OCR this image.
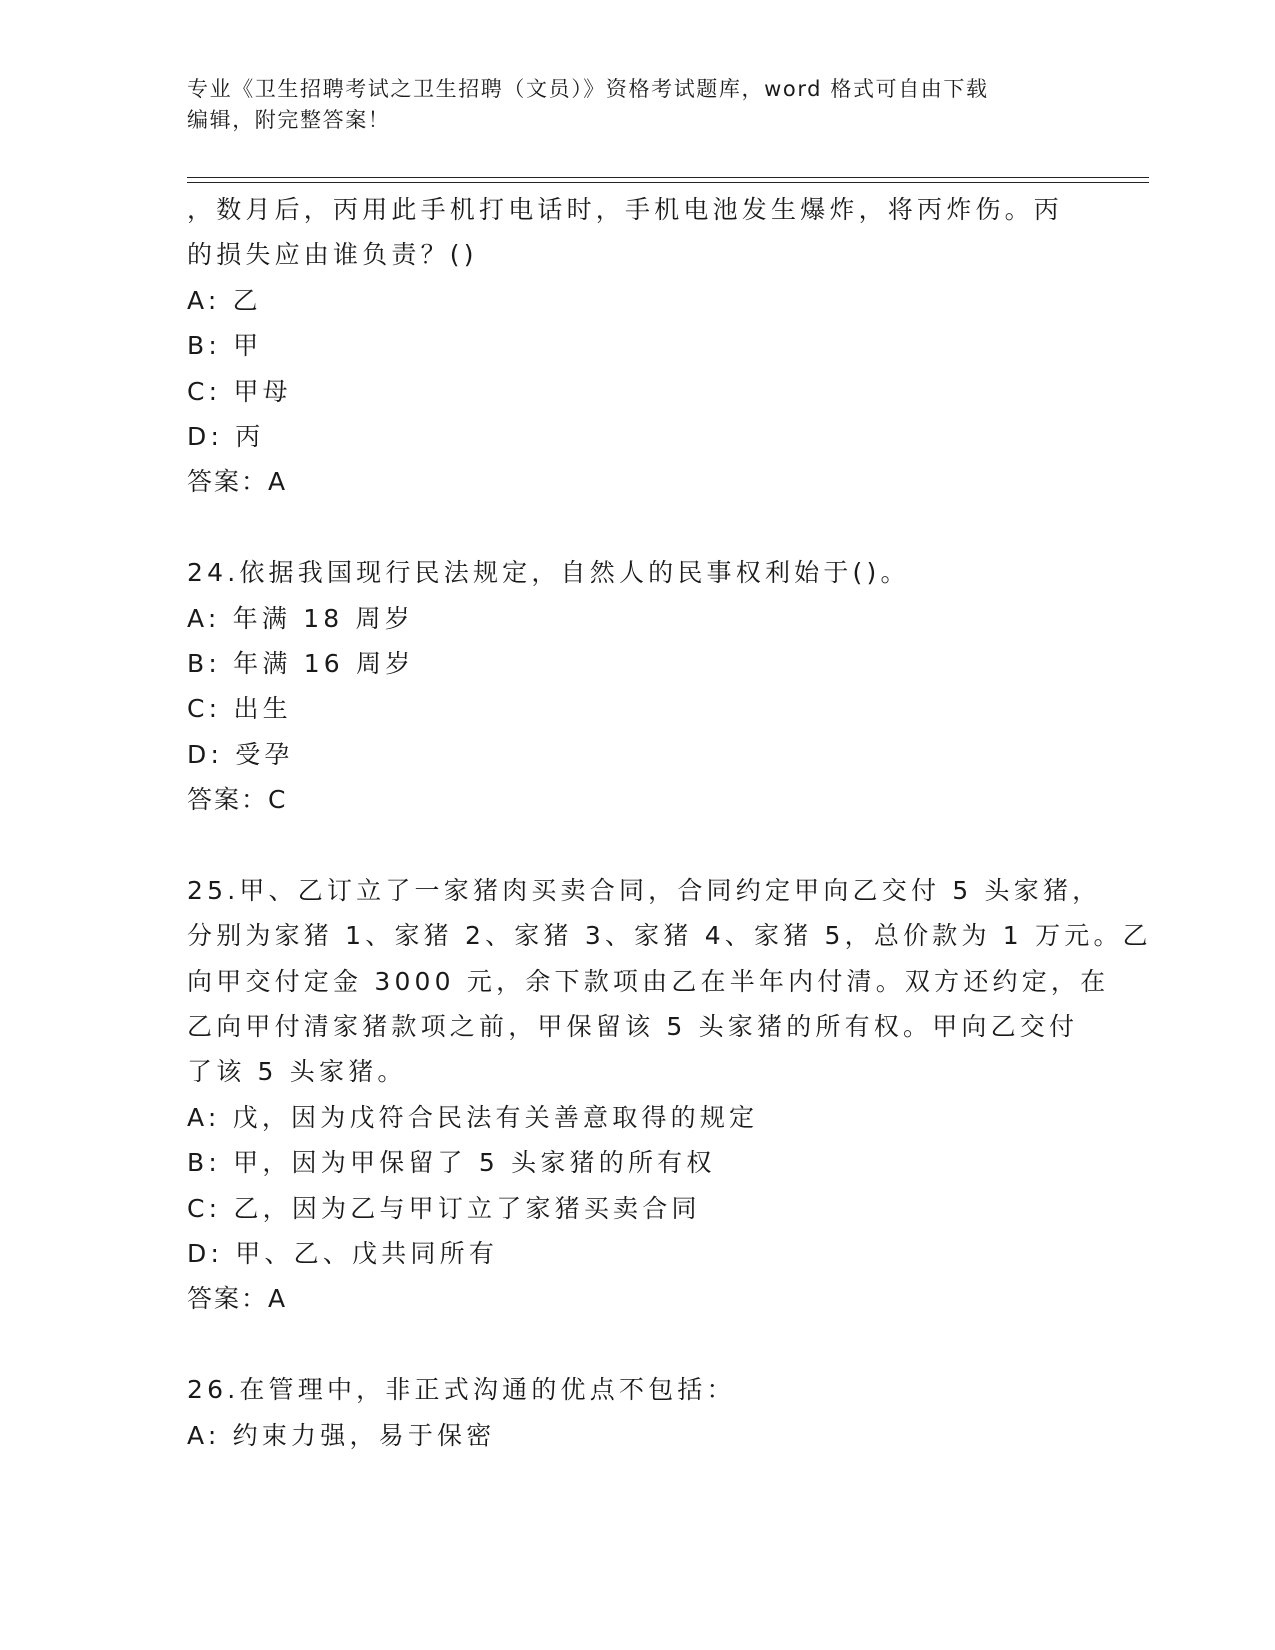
专业《卫生招聘考试之卫生招聘（文员）》资格考试题库，word 格式可自由下载
编辑，附完整答案！
，数月后，丙用此手机打电话时，手机电池发生爆炸，将丙炸伤。丙
的损失应由谁负责？()
A: 乙
B: 甲
C: 甲母
D: 丙
答案：A
24.依据我国现行民法规定，自然人的民事权利始于()。
A: 年满 18 周岁
B: 年满 16 周岁
C: 出生
D: 受孕
答案：C
25.甲、乙订立了一家猪肉买卖合同，合同约定甲向乙交付 5 头家猪，
分别为家猪 1、家猪 2、家猪 3、家猪 4、家猪 5，总价款为 1 万元。乙
向甲交付定金 3000 元，余下款项由乙在半年内付清。双方还约定，在
乙向甲付清家猪款项之前，甲保留该 5 头家猪的所有权。甲向乙交付
了该 5 头家猪。
A: 戊，因为戊符合民法有关善意取得的规定
B: 甲，因为甲保留了 5 头家猪的所有权
C: 乙，因为乙与甲订立了家猪买卖合同
D: 甲、乙、戊共同所有
答案：A
26.在管理中，非正式沟通的优点不包括：
A: 约束力强，易于保密
